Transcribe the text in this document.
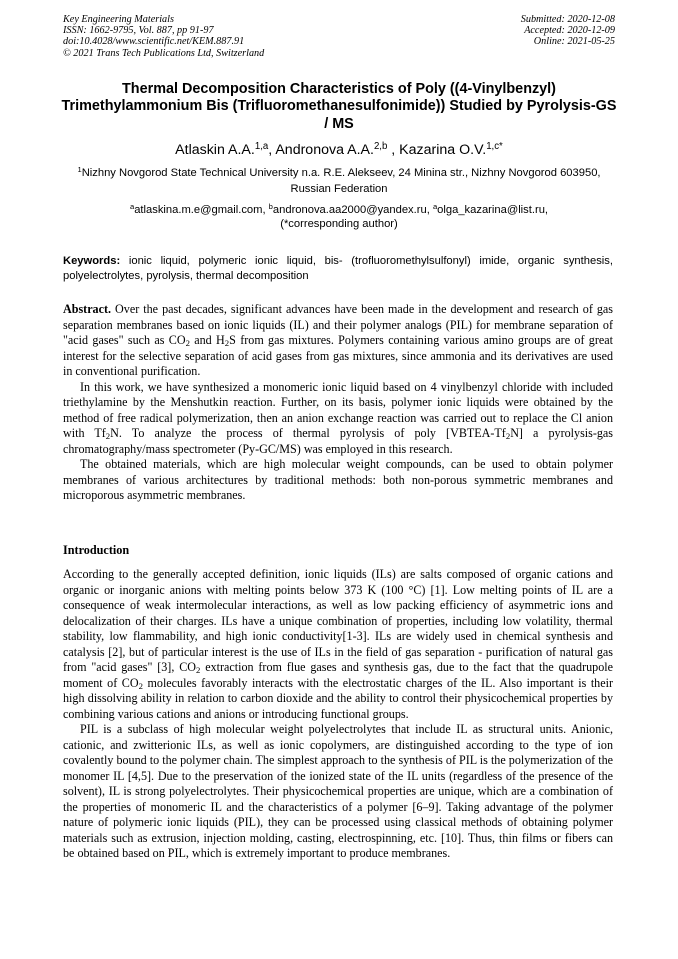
Key Engineering Materials
ISSN: 1662-9795, Vol. 887, pp 91-97
doi:10.4028/www.scientific.net/KEM.887.91
© 2021 Trans Tech Publications Ltd, Switzerland
Submitted: 2020-12-08
Accepted: 2020-12-09
Online: 2021-05-25
Thermal Decomposition Characteristics of Poly ((4-Vinylbenzyl) Trimethylammonium Bis (Trifluoromethanesulfonimide)) Studied by Pyrolysis-GS / MS
Atlaskin A.A.$^{1,a}$, Andronova A.A.$^{2,b}$ , Kazarina O.V.$^{1,c*}$
$^1$Nizhny Novgorod State Technical University n.a. R.E. Alekseev, 24 Minina str., Nizhny Novgorod 603950, Russian Federation
$^a$atlaskina.m.e@gmail.com, $^b$andronova.aa2000@yandex.ru, $^a$olga_kazarina@list.ru,
(*corresponding author)
Keywords: ionic liquid, polymeric ionic liquid, bis- (trofluoromethylsulfonyl) imide, organic synthesis, polyelectrolytes, pyrolysis, thermal decomposition

Abstract. Over the past decades, significant advances have been made in the development and research of gas separation membranes based on ionic liquids (IL) and their polymer analogs (PIL) for membrane separation of "acid gases" such as $CO_2$ and $H_2S$ from gas mixtures. Polymers containing various amino groups are of great interest for the selective separation of acid gases from gas mixtures, since ammonia and its derivatives are used in conventional purification.

In this work, we have synthesized a monomeric ionic liquid based on 4 vinylbenzyl chloride with included triethylamine by the Menshutkin reaction. Further, on its basis, polymer ionic liquids were obtained by the method of free radical polymerization, then an anion exchange reaction was carried out to replace the Cl anion with $Tf_2N$. To analyze the process of thermal pyrolysis of poly $[VBTEA-Tf_2N]$ a pyrolysis-gas chromatography/mass spectrometer (Py-GC/MS) was employed in this research.

The obtained materials, which are high molecular weight compounds, can be used to obtain polymer membranes of various architectures by traditional methods: both non-porous symmetric membranes and microporous asymmetric membranes.

Introduction

According to the generally accepted definition, ionic liquids (ILs) are salts composed of organic cations and organic or inorganic anions with melting points below 373 K (100 °C) [1]. Low melting points of IL are a consequence of weak intermolecular interactions, as well as low packing efficiency of asymmetric ions and delocalization of their charges. ILs have a unique combination of properties, including low volatility, thermal stability, low flammability, and high ionic conductivity[1-3]. ILs are widely used in chemical synthesis and catalysis [2], but of particular interest is the use of ILs in the field of gas separation - purification of natural gas from "acid gases" [3], $CO_2$ extraction from flue gases and synthesis gas, due to the fact that the quadrupole moment of $CO_2$ molecules favorably interacts with the electrostatic charges of the IL. Also important is their high dissolving ability in relation to carbon dioxide and the ability to control their physicochemical properties by combining various cations and anions or introducing functional groups.

PIL is a subclass of high molecular weight polyelectrolytes that include IL as structural units. Anionic, cationic, and zwitterionic ILs, as well as ionic copolymers, are distinguished according to the type of ion covalently bound to the polymer chain. The simplest approach to the synthesis of PIL is the polymerization of the monomer IL [4,5]. Due to the preservation of the ionized state of the IL units (regardless of the presence of the solvent), IL is strong polyelectrolytes. Their physicochemical properties are unique, which are a combination of the properties of monomeric IL and the characteristics of a polymer [6–9]. Taking advantage of the polymer nature of polymeric ionic liquids (PIL), they can be processed using classical methods of obtaining polymer materials such as extrusion, injection molding, casting, electrospinning, etc. [10]. Thus, thin films or fibers can be obtained based on PIL, which is extremely important to produce membranes.
